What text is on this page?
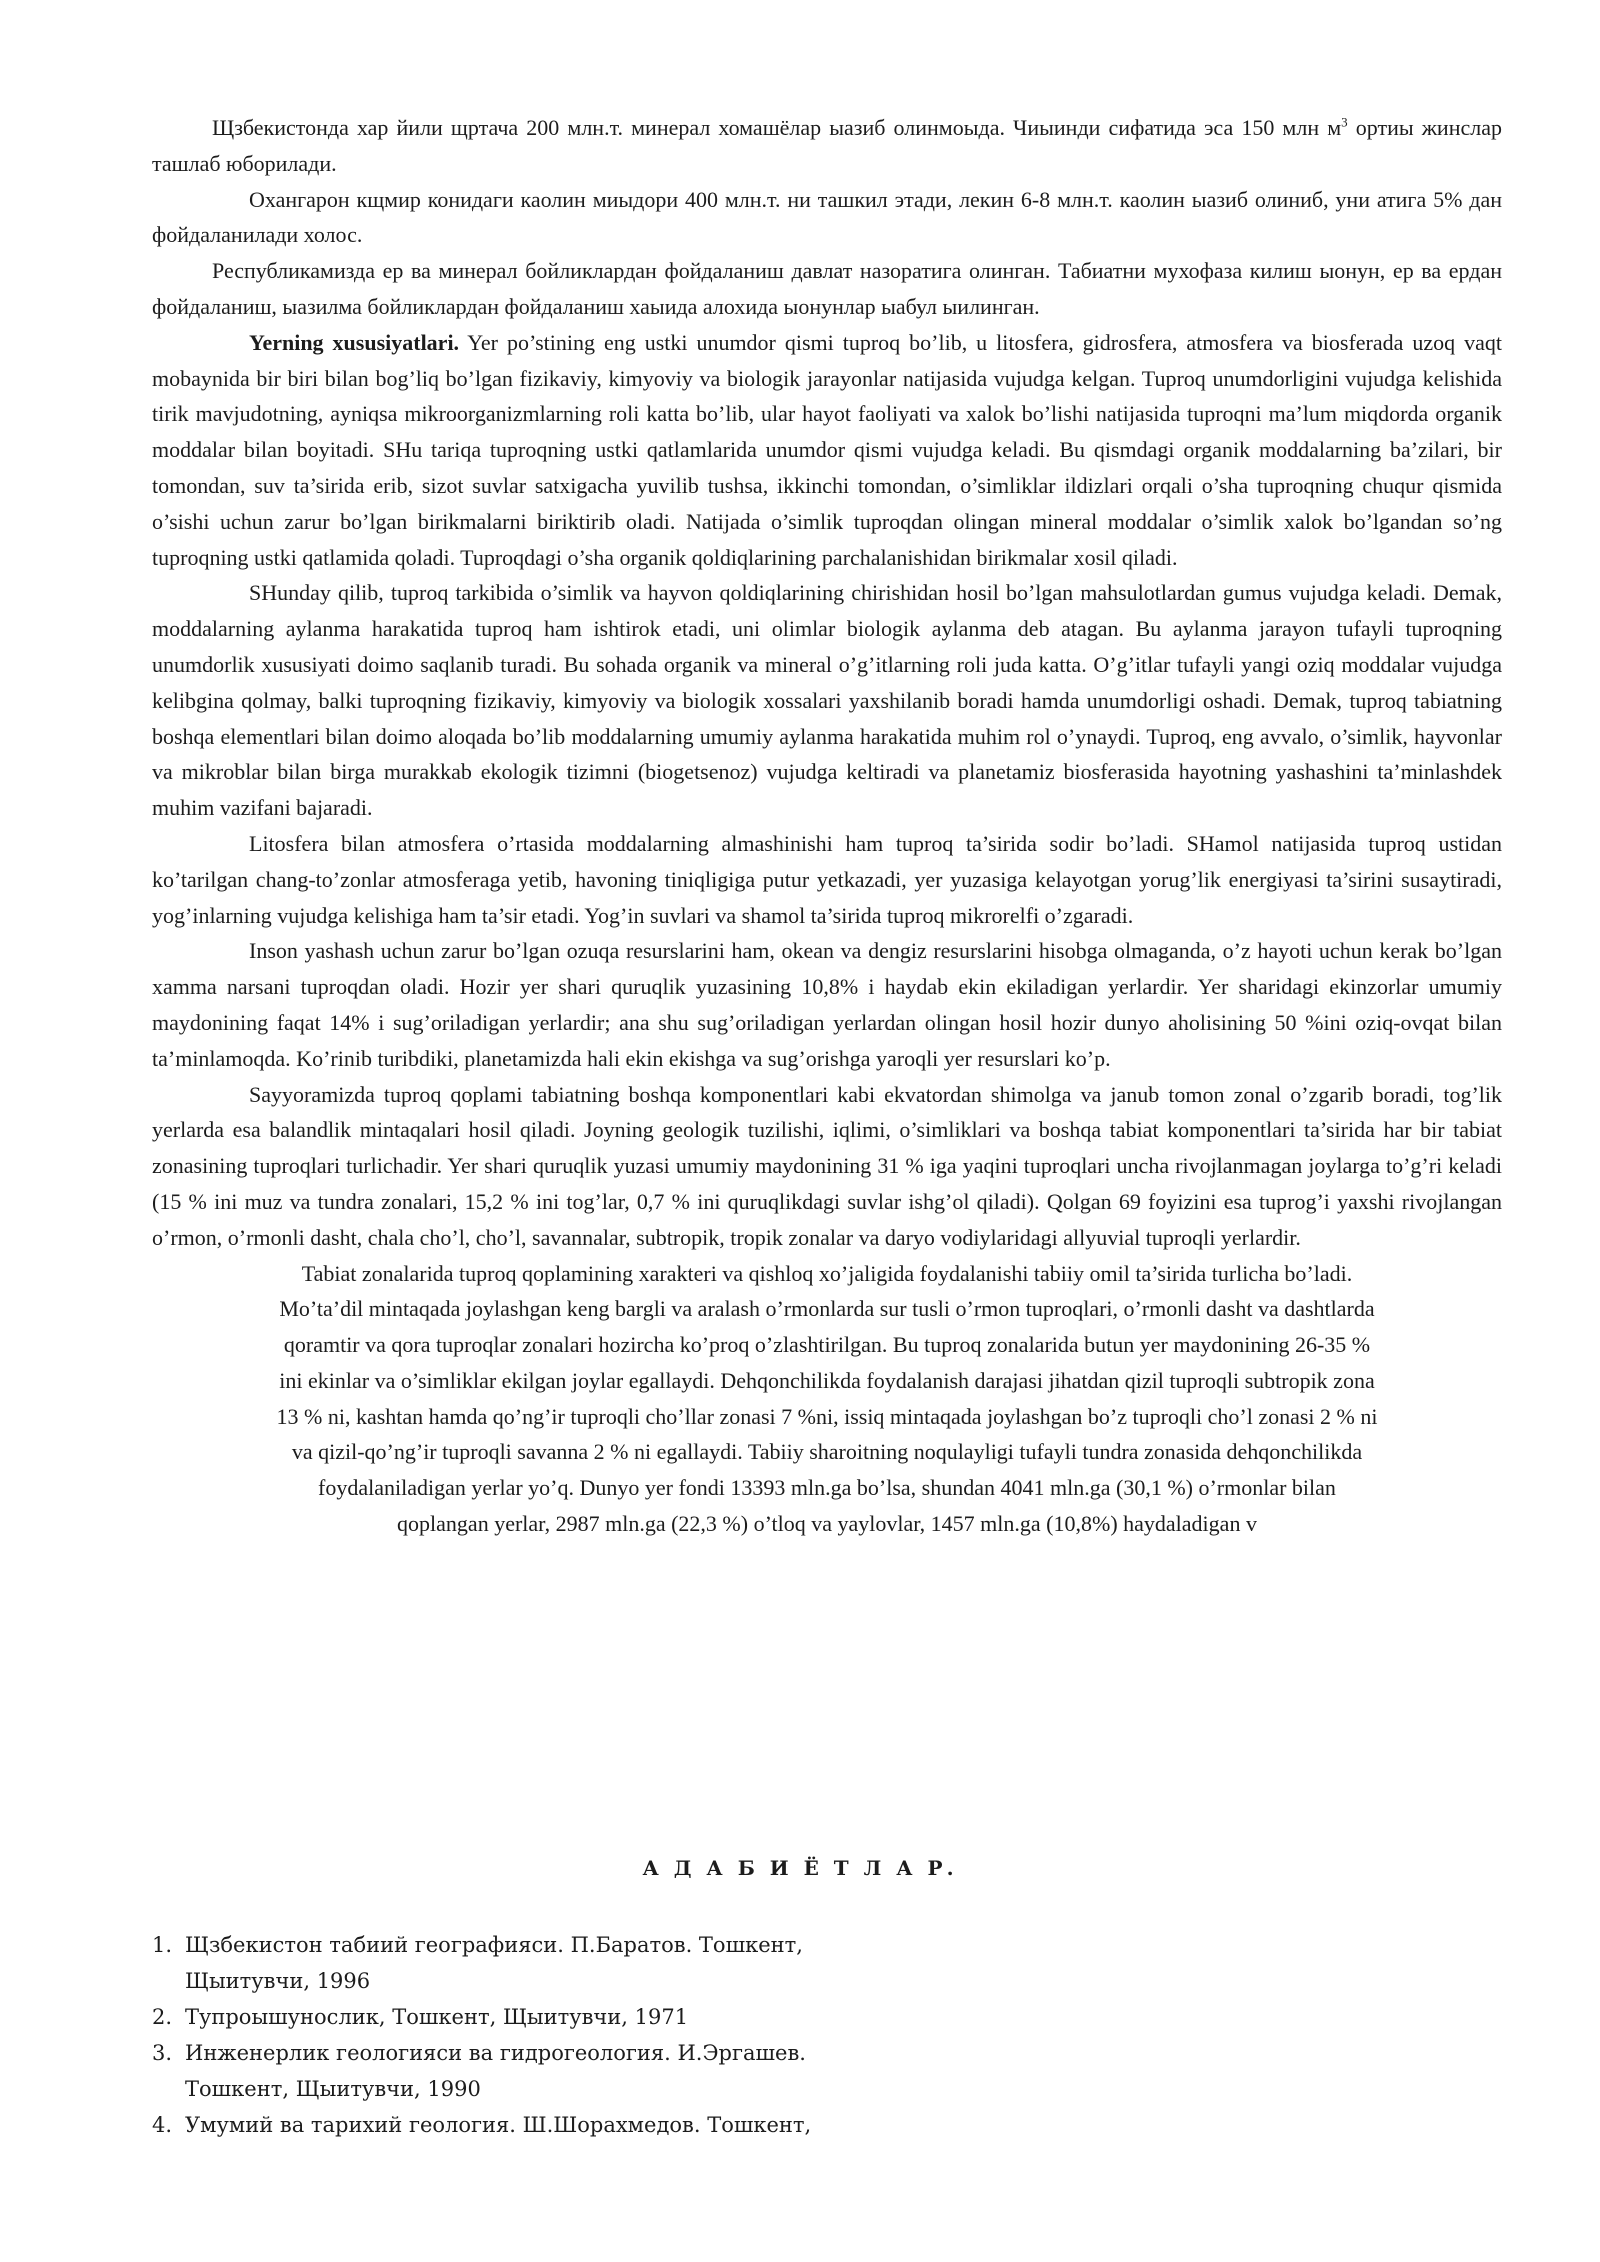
Щзбекистонда хар йили щртача 200 млн.т. минерал хомашёлар ыазиб олинмоыда. Чиыинди сифатида эса 150 млн $м^3$ ортиы жинслар ташлаб юборилади.

Охангарон кщмир конидаги каолин миыдори 400 млн.т. ни ташкил этади, лекин 6-8 млн.т. каолин ыазиб олиниб, уни атига 5% дан фойдаланилади холос.

Республикамизда ер ва минерал бойликлардан фойдаланиш давлат назоратига олинган. Табиатни мухофаза килиш ыонун, ер ва ердан фойдаланиш, ыазилма бойликлардан фойдаланиш хаыида алохида ыонунлар ыабул ыилинган.

Yerning xususiyatlari. Yer po’stining eng ustki unumdor qismi tuproq bo’lib, u litosfera, gidrosfera, atmosfera va biosferada uzoq vaqt mobaynida bir biri bilan bog’liq bo’lgan fizikaviy, kimyoviy va biologik jarayonlar natijasida vujudga kelgan. Tuproq unumdorligini vujudga kelishida tirik mavjudotning, ayniqsa mikroorganizmlarning roli katta bo’lib, ular hayot faoliyati va xalok bo’lishi natijasida tuproqni ma’lum miqdorda organik moddalar bilan boyitadi. SHu tariqa tuproqning ustki qatlamlarida unumdor qismi vujudga keladi. Bu qismdagi organik moddalarning ba’zilari, bir tomondan, suv ta’sirida erib, sizot suvlar satxigacha yuvilib tushsa, ikkinchi tomondan, o’simliklar ildizlari orqali o’sha tuproqning chuqur qismida o’sishi uchun zarur bo’lgan birikmalarni biriktirib oladi. Natijada o’simlik tuproqdan olingan mineral moddalar o’simlik xalok bo’lgandan so’ng tuproqning ustki qatlamida qoladi. Tuproqdagi o’sha organik qoldiqlarining parchalanishidan birikmalar xosil qiladi.

SHunday qilib, tuproq tarkibida o’simlik va hayvon qoldiqlarining chirishidan hosil bo’lgan mahsulotlardan gumus vujudga keladi. Demak, moddalarning aylanma harakatida tuproq ham ishtirok etadi, uni olimlar biologik aylanma deb atagan. Bu aylanma jarayon tufayli tuproqning unumdorlik xususiyati doimo saqlanib turadi. Bu sohada organik va mineral o’g’itlarning roli juda katta. O’g’itlar tufayli yangi oziq moddalar vujudga kelibgina qolmay, balki tuproqning fizikaviy, kimyoviy va biologik xossalari yaxshilanib boradi hamda unumdorligi oshadi. Demak, tuproq tabiatning boshqa elementlari bilan doimo aloqada bo’lib moddalarning umumiy aylanma harakatida muhim rol o’ynaydi. Tuproq, eng avvalo, o’simlik, hayvonlar va mikroblar bilan birga murakkab ekologik tizimni (biogetsenoz) vujudga keltiradi va planetamiz biosferasida hayotning yashashini ta’minlashdek muhim vazifani bajaradi.

Litosfera bilan atmosfera o’rtasida moddalarning almashinishi ham tuproq ta’sirida sodir bo’ladi. SHamol natijasida tuproq ustidan ko’tarilgan chang-to’zonlar atmosferaga yetib, havoning tiniqligiga putur yetkazadi, yer yuzasiga kelayotgan yorug’lik energiyasi ta’sirini susaytiradi, yog’inlarning vujudga kelishiga ham ta’sir etadi. Yog’in suvlari va shamol ta’sirida tuproq mikrorelfi o’zgaradi.

Inson yashash uchun zarur bo’lgan ozuqa resurslarini ham, okean va dengiz resurslarini hisobga olmaganda, o’z hayoti uchun kerak bo’lgan xamma narsani tuproqdan oladi. Hozir yer shari quruqlik yuzasining 10,8% i haydab ekin ekiladigan yerlardir. Yer sharidagi ekinzorlar umumiy maydonining faqat 14% i sug’oriladigan yerlardir; ana shu sug’oriladigan yerlardan olingan hosil hozir dunyo aholisining 50 %ini oziq-ovqat bilan ta’minlamoqda. Ko’rinib turibdiki, planetamizda hali ekin ekishga va sug’orishga yaroqli yer resurslari ko’p.

Sayyoramizda tuproq qoplami tabiatning boshqa komponentlari kabi ekvatordan shimolga va janub tomon zonal o’zgarib boradi, tog’lik yerlarda esa balandlik mintaqalari hosil qiladi. Joyning geologik tuzilishi, iqlimi, o’simliklari va boshqa tabiat komponentlari ta’sirida har bir tabiat zonasining tuproqlari turlichadir. Yer shari quruqlik yuzasi umumiy maydonining 31 % iga yaqini tuproqlari uncha rivojlanmagan joylarga to’g’ri keladi (15 % ini muz va tundra zonalari, 15,2 % ini tog’lar, 0,7 % ini quruqlikdagi suvlar ishg’ol qiladi). Qolgan 69 foyizini esa tuprog’i yaxshi rivojlangan o’rmon, o’rmonli dasht, chala cho’l, cho’l, savannalar, subtropik, tropik zonalar va daryo vodiylaridagi allyuvial tuproqli yerlardir.

Tabiat zonalarida tuproq qoplamining xarakteri va qishloq xo’jaligida foydalanishi tabiiy omil ta’sirida turlicha bo’ladi.
Mo’ta’dil mintaqada joylashgan keng bargli va aralash o’rmonlarda sur tusli o’rmon tuproqlari, o’rmonli dasht va dashtlarda
qoramtir va qora tuproqlar zonalari hozircha ko’proq o’zlashtirilgan. Bu tuproq zonalarida butun yer maydonining 26-35 %
ini ekinlar va o’simliklar ekilgan joylar egallaydi. Dehqonchilikda foydalanish darajasi jihatdan qizil tuproqli subtropik zona
13 % ni, kashtan hamda qo’ng’ir tuproqli cho’llar zonasi 7 %ni, issiq mintaqada joylashgan bo’z tuproqli cho’l zonasi 2 % ni
va qizil-qo’ng’ir tuproqli savanna 2 % ni egallaydi. Tabiiy sharoitning noqulayligi tufayli tundra zonasida dehqonchilikda
foydalaniladigan yerlar yo’q. Dunyo yer fondi 13393 mln.ga bo’lsa, shundan 4041 mln.ga (30,1 %) o’rmonlar bilan
qoplangan yerlar, 2987 mln.ga (22,3 %) o’tloq va yaylovlar, 1457 mln.ga (10,8%) haydaladigan v

А Д А Б И Ё Т Л А Р.
1. Щзбекистон табиий географияси. П.Баратов. Тошкент,
Щыитувчи, 1996
2. Тупроышунослик, Тошкент, Щыитувчи, 1971
3. Инженерлик геологияси ва гидрогеология. И.Эргашев.
Тошкент, Щыитувчи, 1990
4. Умумий ва тарихий геология. Ш.Шорахмедов. Тошкент,
